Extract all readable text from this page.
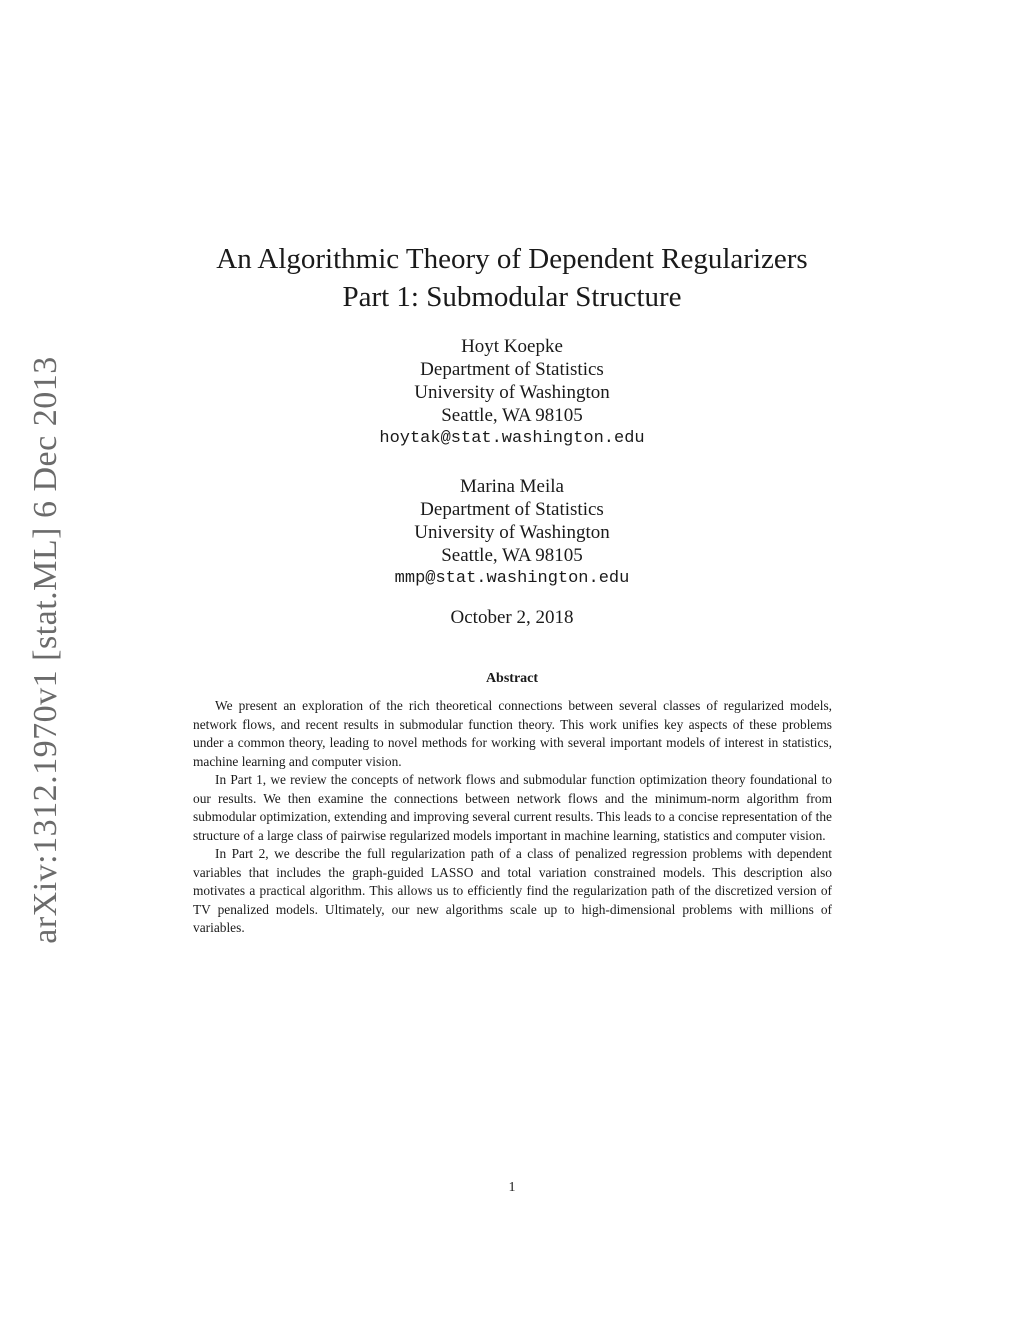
arXiv:1312.1970v1 [stat.ML] 6 Dec 2013
An Algorithmic Theory of Dependent Regularizers
Part 1: Submodular Structure
Hoyt Koepke
Department of Statistics
University of Washington
Seattle, WA 98105
hoytak@stat.washington.edu
Marina Meila
Department of Statistics
University of Washington
Seattle, WA 98105
mmp@stat.washington.edu
October 2, 2018
Abstract

We present an exploration of the rich theoretical connections between several classes of regularized models, network flows, and recent results in submodular function theory. This work unifies key aspects of these problems under a common theory, leading to novel methods for working with several important models of interest in statistics, machine learning and computer vision.

In Part 1, we review the concepts of network flows and submodular function optimization theory foundational to our results. We then examine the connections between network flows and the minimum-norm algorithm from submodular optimization, extending and improving several current results. This leads to a concise representation of the structure of a large class of pairwise regularized models important in machine learning, statistics and computer vision.

In Part 2, we describe the full regularization path of a class of penalized regression problems with dependent variables that includes the graph-guided LASSO and total variation constrained models. This description also motivates a practical algorithm. This allows us to efficiently find the regularization path of the discretized version of TV penalized models. Ultimately, our new algorithms scale up to high-dimensional problems with millions of variables.

1
